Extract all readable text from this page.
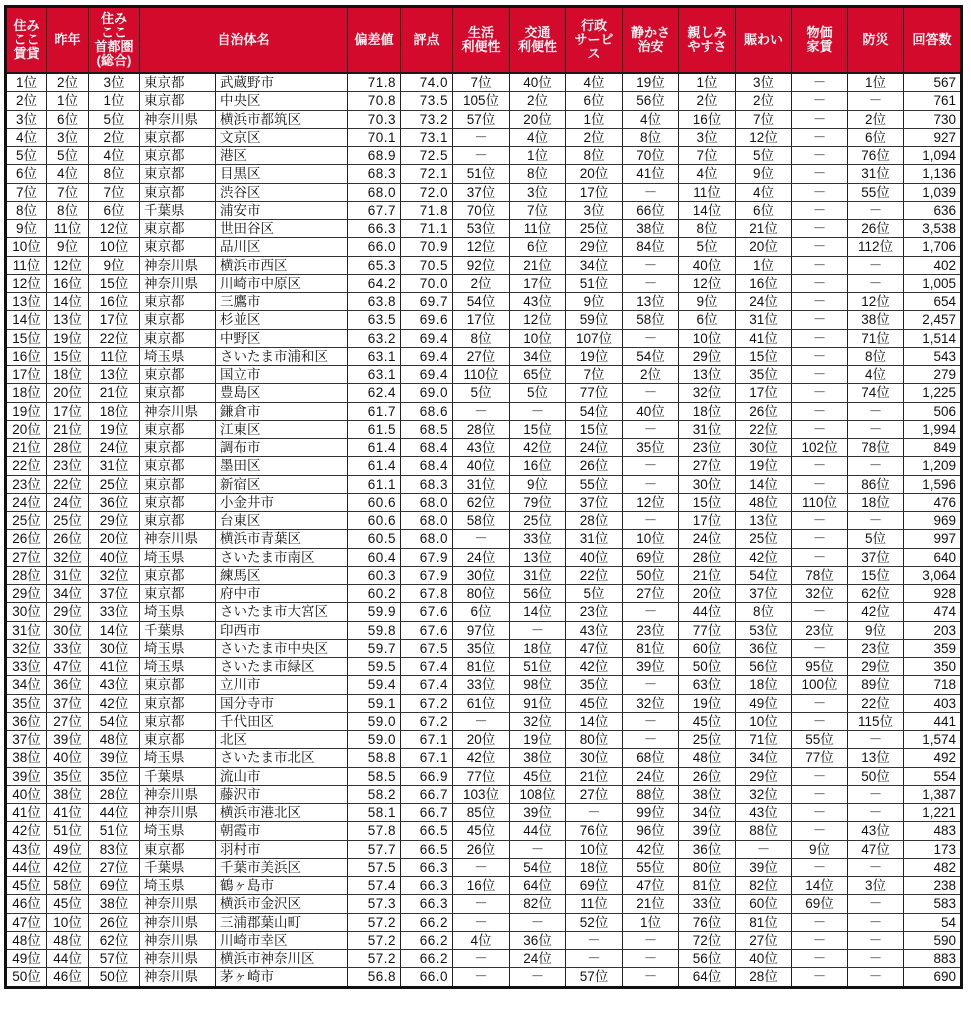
住み
ここ
賃貸	昨年	住み
ここ
首都圏
(総合)	自治体名		偏差値	評点	生活
利便性	交通
利便性	行政
サービ
ス	静かさ
治安	親しみ
やすさ	賑わい	物価
家賃	防災	回答数
1位	2位	3位	東京都	武蔵野市	71.8	74.0	7位	40位	4位	19位	1位	3位	－	1位	567
2位	1位	1位	東京都	中央区	70.8	73.5	105位	2位	6位	56位	2位	2位	－	－	761
3位	6位	5位	神奈川県	横浜市都筑区	70.3	73.2	57位	20位	1位	4位	16位	7位	－	2位	730
4位	3位	2位	東京都	文京区	70.1	73.1	－	4位	2位	8位	3位	12位	－	6位	927
5位	5位	4位	東京都	港区	68.9	72.5	－	1位	8位	70位	7位	5位	－	76位	1,094
6位	4位	8位	東京都	目黒区	68.3	72.1	51位	8位	20位	41位	4位	9位	－	31位	1,136
7位	7位	7位	東京都	渋谷区	68.0	72.0	37位	3位	17位	－	11位	4位	－	55位	1,039
8位	8位	6位	千葉県	浦安市	67.7	71.8	70位	7位	3位	66位	14位	6位	－	－	636
9位	11位	12位	東京都	世田谷区	66.3	71.1	53位	11位	25位	38位	8位	21位	－	26位	3,538
10位	9位	10位	東京都	品川区	66.0	70.9	12位	6位	29位	84位	5位	20位	－	112位	1,706
11位	12位	9位	神奈川県	横浜市西区	65.3	70.5	92位	21位	34位	－	40位	1位	－	－	402
12位	16位	15位	神奈川県	川崎市中原区	64.2	70.0	2位	17位	51位	－	12位	16位	－	－	1,005
13位	14位	16位	東京都	三鷹市	63.8	69.7	54位	43位	9位	13位	9位	24位	－	12位	654
14位	13位	17位	東京都	杉並区	63.5	69.6	17位	12位	59位	58位	6位	31位	－	38位	2,457
15位	19位	22位	東京都	中野区	63.2	69.4	8位	10位	107位	－	10位	41位	－	71位	1,514
16位	15位	11位	埼玉県	さいたま市浦和区	63.1	69.4	27位	34位	19位	54位	29位	15位	－	8位	543
17位	18位	13位	東京都	国立市	63.1	69.4	110位	65位	7位	2位	13位	35位	－	4位	279
18位	20位	21位	東京都	豊島区	62.4	69.0	5位	5位	77位	－	32位	17位	－	74位	1,225
19位	17位	18位	神奈川県	鎌倉市	61.7	68.6	－	－	54位	40位	18位	26位	－	－	506
20位	21位	19位	東京都	江東区	61.5	68.5	28位	15位	15位	－	31位	22位	－	－	1,994
21位	28位	24位	東京都	調布市	61.4	68.4	43位	42位	24位	35位	23位	30位	102位	78位	849
22位	23位	31位	東京都	墨田区	61.4	68.4	40位	16位	26位	－	27位	19位	－	－	1,209
23位	22位	25位	東京都	新宿区	61.1	68.3	31位	9位	55位	－	30位	14位	－	86位	1,596
24位	24位	36位	東京都	小金井市	60.6	68.0	62位	79位	37位	12位	15位	48位	110位	18位	476
25位	25位	29位	東京都	台東区	60.6	68.0	58位	25位	28位	－	17位	13位	－	－	969
26位	26位	20位	神奈川県	横浜市青葉区	60.5	68.0	－	33位	31位	10位	24位	25位	－	5位	997
27位	32位	40位	埼玉県	さいたま市南区	60.4	67.9	24位	13位	40位	69位	28位	42位	－	37位	640
28位	31位	32位	東京都	練馬区	60.3	67.9	30位	31位	22位	50位	21位	54位	78位	15位	3,064
29位	34位	37位	東京都	府中市	60.2	67.8	80位	56位	5位	27位	20位	37位	32位	62位	928
30位	29位	33位	埼玉県	さいたま市大宮区	59.9	67.6	6位	14位	23位	－	44位	8位	－	42位	474
31位	30位	14位	千葉県	印西市	59.8	67.6	97位	－	43位	23位	77位	53位	23位	9位	203
32位	33位	30位	埼玉県	さいたま市中央区	59.7	67.5	35位	18位	47位	81位	60位	36位	－	23位	359
33位	47位	41位	埼玉県	さいたま市緑区	59.5	67.4	81位	51位	42位	39位	50位	56位	95位	29位	350
34位	36位	43位	東京都	立川市	59.4	67.4	33位	98位	35位	－	63位	18位	100位	89位	718
35位	37位	42位	東京都	国分寺市	59.1	67.2	61位	91位	45位	32位	19位	49位	－	22位	403
36位	27位	54位	東京都	千代田区	59.0	67.2	－	32位	14位	－	45位	10位	－	115位	441
37位	39位	48位	東京都	北区	59.0	67.1	20位	19位	80位	－	25位	71位	55位	－	1,574
38位	40位	39位	埼玉県	さいたま市北区	58.8	67.1	42位	38位	30位	68位	48位	34位	77位	13位	492
39位	35位	35位	千葉県	流山市	58.5	66.9	77位	45位	21位	24位	26位	29位	－	50位	554
40位	38位	28位	神奈川県	藤沢市	58.2	66.7	103位	108位	27位	88位	38位	32位	－	－	1,387
41位	41位	44位	神奈川県	横浜市港北区	58.1	66.7	85位	39位	－	99位	34位	43位	－	－	1,221
42位	51位	51位	埼玉県	朝霞市	57.8	66.5	45位	44位	76位	96位	39位	88位	－	43位	483
43位	49位	83位	東京都	羽村市	57.7	66.5	26位	－	10位	42位	36位	－	9位	47位	173
44位	42位	27位	千葉県	千葉市美浜区	57.5	66.3	－	54位	18位	55位	80位	39位	－	－	482
45位	58位	69位	埼玉県	鶴ヶ島市	57.4	66.3	16位	64位	69位	47位	81位	82位	14位	3位	238
46位	45位	38位	神奈川県	横浜市金沢区	57.3	66.3	－	82位	11位	21位	33位	60位	69位	－	583
47位	10位	26位	神奈川県	三浦郡葉山町	57.2	66.2	－	－	52位	1位	76位	81位	－	－	54
48位	48位	62位	神奈川県	川崎市幸区	57.2	66.2	4位	36位	－	－	72位	27位	－	－	590
49位	44位	57位	神奈川県	横浜市神奈川区	57.2	66.2	－	24位	－	－	56位	40位	－	－	883
50位	46位	50位	神奈川県	茅ヶ崎市	56.8	66.0	－	－	57位	－	64位	28位	－	－	690
